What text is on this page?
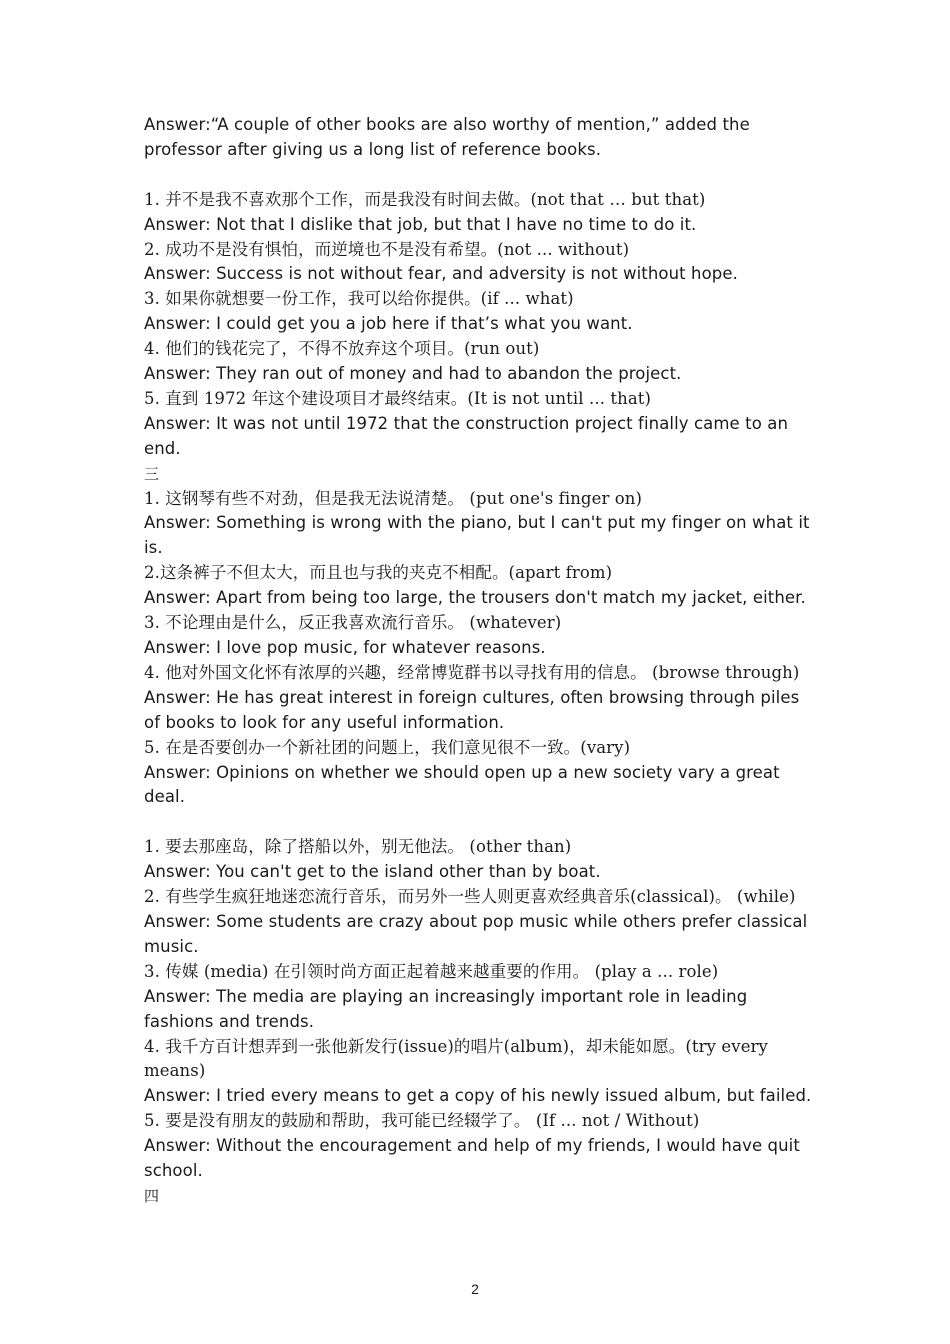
Answer:“A couple of other books are also worthy of mention,” added the professor after giving us a long list of reference books.

1. 并不是我不喜欢那个工作，而是我没有时间去做。(not that … but that)

Answer: Not that I dislike that job, but that I have no time to do it.

2. 成功不是没有惧怕，而逆境也不是没有希望。(not ... without)

Answer: Success is not without fear, and adversity is not without hope.

3. 如果你就想要一份工作，我可以给你提供。(if ... what)

Answer: I could get you a job here if that’s what you want.

4. 他们的钱花完了，不得不放弃这个项目。(run out)

Answer: They ran out of money and had to abandon the project.

5. 直到 1972 年这个建设项目才最终结束。(It is not until ... that)

Answer: It was not until 1972 that the construction project finally came to an end.

三

1. 这钢琴有些不对劲，但是我无法说清楚。 (put one's finger on)

Answer: Something is wrong with the piano, but I can't put my finger on what it is.

2.这条裤子不但太大，而且也与我的夹克不相配。(apart from)

Answer: Apart from being too large, the trousers don't match my jacket, either.

3. 不论理由是什么，反正我喜欢流行音乐。 (whatever)

Answer: I love pop music, for whatever reasons.

4. 他对外国文化怀有浓厚的兴趣，经常博览群书以寻找有用的信息。 (browse through)

Answer: He has great interest in foreign cultures, often browsing through piles of books to look for any useful information.

5. 在是否要创办一个新社团的问题上，我们意见很不一致。(vary)

Answer: Opinions on whether we should open up a new society vary a great deal.

1. 要去那座岛，除了搭船以外，别无他法。 (other than)

Answer: You can't get to the island other than by boat.

2. 有些学生疯狂地迷恋流行音乐，而另外一些人则更喜欢经典音乐(classical)。 (while)

Answer: Some students are crazy about pop music while others prefer classical music.

3. 传媒 (media) 在引领时尚方面正起着越来越重要的作用。 (play a ... role)

Answer: The media are playing an increasingly important role in leading fashions and trends.

4. 我千方百计想弄到一张他新发行(issue)的唱片(album)，却未能如愿。(try every means)

Answer: I tried every means to get a copy of his newly issued album, but failed.

5. 要是没有朋友的鼓励和帮助，我可能已经辍学了。 (If ... not / Without)

Answer: Without the encouragement and help of my friends, I would have quit school.

四

2
